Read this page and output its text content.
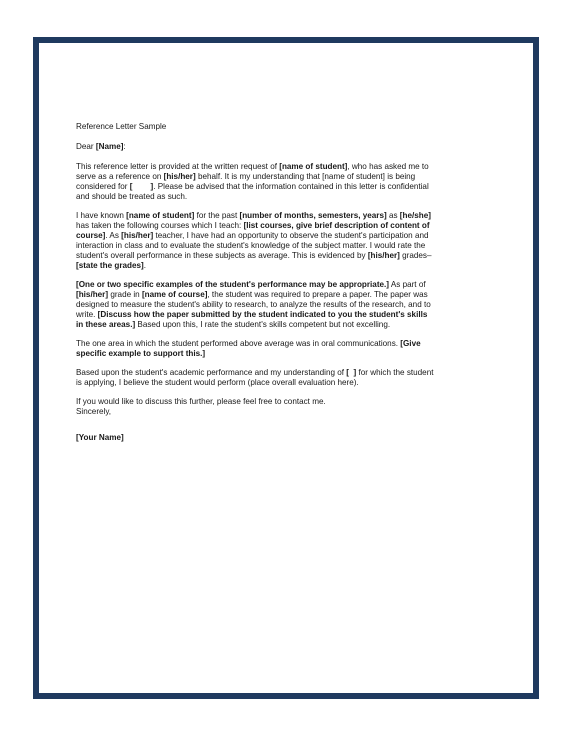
Reference Letter Sample

Dear [Name]:

This reference letter is provided at the written request of [name of student], who has asked me to serve as a reference on [his/her] behalf. It is my understanding that [name of student] is being considered for [        ]. Please be advised that the information contained in this letter is confidential and should be treated as such.

I have known [name of student] for the past [number of months, semesters, years] as [he/she] has taken the following courses which I teach: [list courses, give brief description of content of course]. As [his/her] teacher, I have had an opportunity to observe the student's participation and interaction in class and to evaluate the student's knowledge of the subject matter. I would rate the student's overall performance in these subjects as average. This is evidenced by [his/her] grades–[state the grades].

[One or two specific examples of the student's performance may be appropriate.] As part of [his/her] grade in [name of course], the student was required to prepare a paper. The paper was designed to measure the student's ability to research, to analyze the results of the research, and to write. [Discuss how the paper submitted by the student indicated to you the student's skills in these areas.] Based upon this, I rate the student's skills competent but not excelling.

The one area in which the student performed above average was in oral communications. [Give specific example to support this.]

Based upon the student's academic performance and my understanding of [  ] for which the student is applying, I believe the student would perform (place overall evaluation here).

If you would like to discuss this further, please feel free to contact me.
Sincerely,

[Your Name]
